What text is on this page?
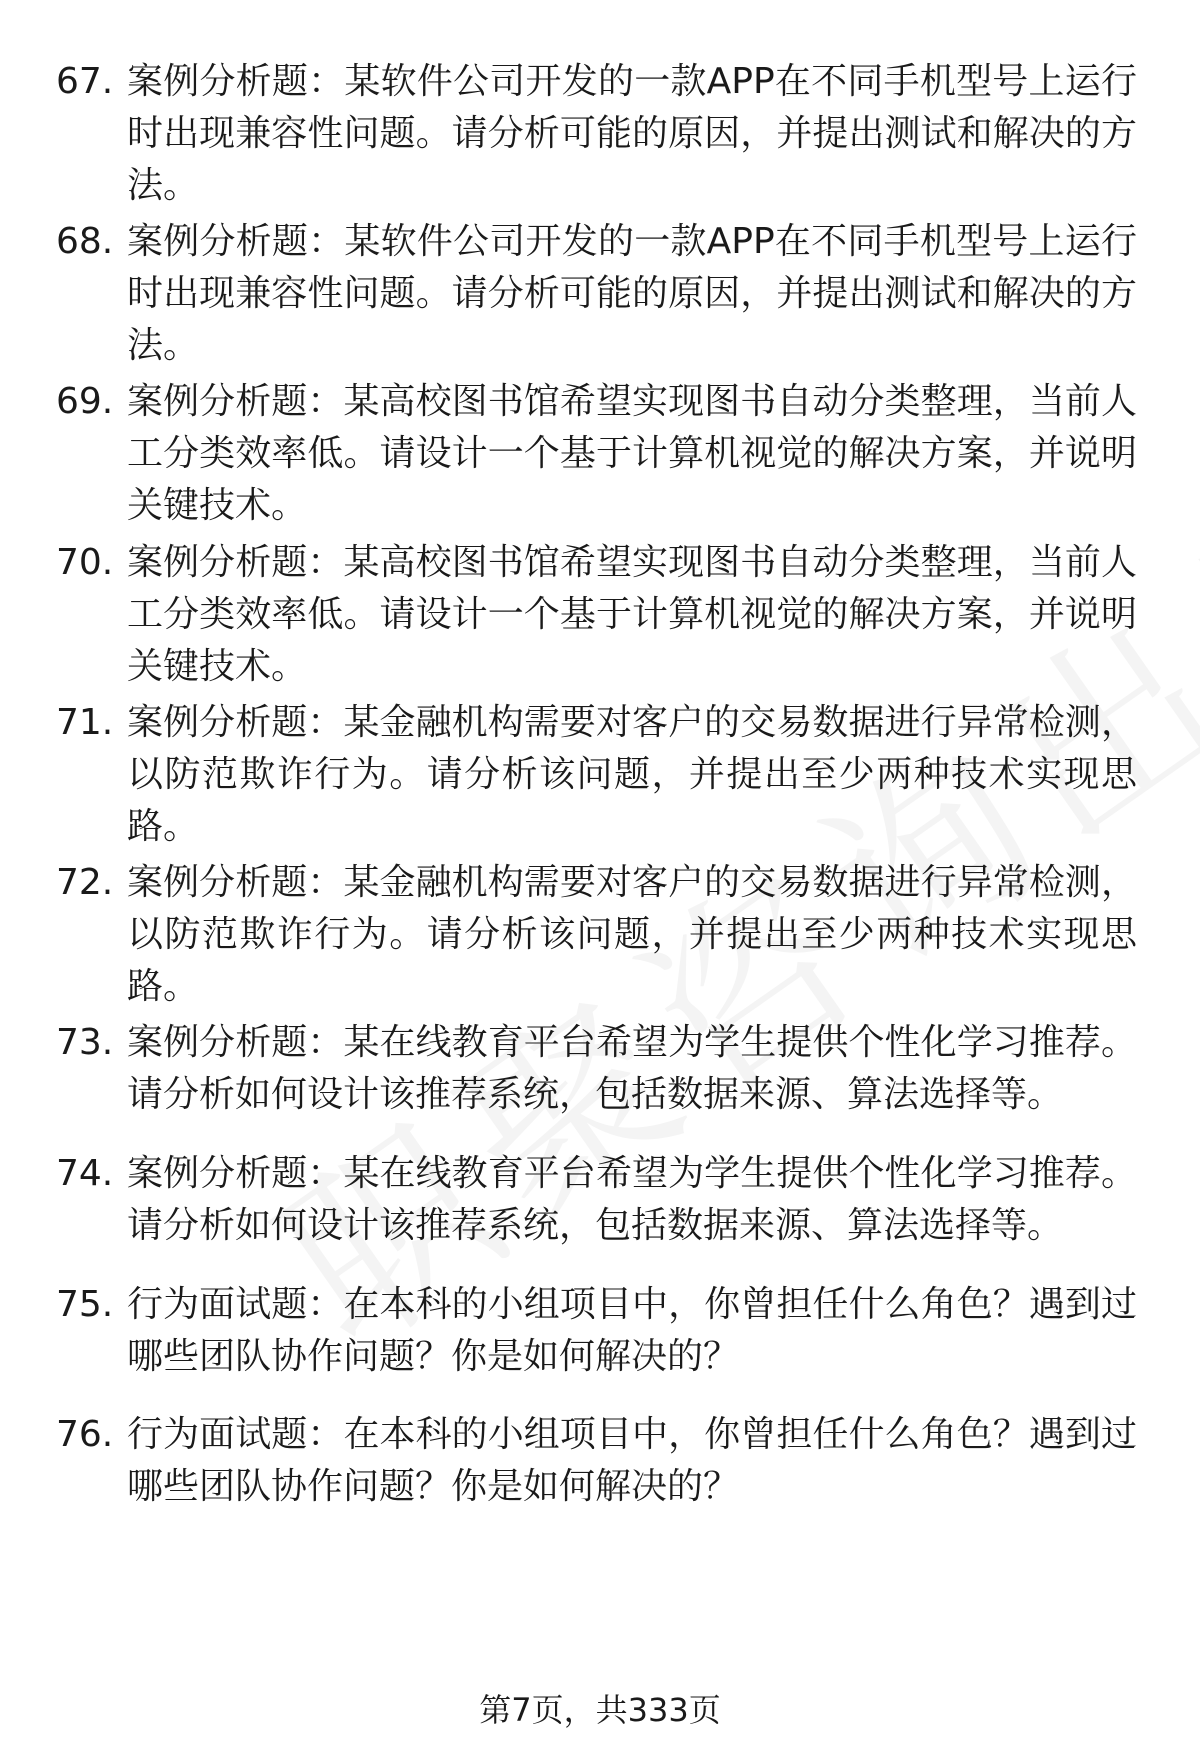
67. 案例分析题：某软件公司开发的一款APP在不同手机型号上运行时出现兼容性问题。请分析可能的原因，并提出测试和解决的方法。
68. 案例分析题：某软件公司开发的一款APP在不同手机型号上运行时出现兼容性问题。请分析可能的原因，并提出测试和解决的方法。
69. 案例分析题：某高校图书馆希望实现图书自动分类整理，当前人工分类效率低。请设计一个基于计算机视觉的解决方案，并说明关键技术。
70. 案例分析题：某高校图书馆希望实现图书自动分类整理，当前人工分类效率低。请设计一个基于计算机视觉的解决方案，并说明关键技术。
71. 案例分析题：某金融机构需要对客户的交易数据进行异常检测，以防范欺诈行为。请分析该问题，并提出至少两种技术实现思路。
72. 案例分析题：某金融机构需要对客户的交易数据进行异常检测，以防范欺诈行为。请分析该问题，并提出至少两种技术实现思路。
73. 案例分析题：某在线教育平台希望为学生提供个性化学习推荐。请分析如何设计该推荐系统，包括数据来源、算法选择等。
74. 案例分析题：某在线教育平台希望为学生提供个性化学习推荐。请分析如何设计该推荐系统，包括数据来源、算法选择等。
75. 行为面试题：在本科的小组项目中，你曾担任什么角色？遇到过哪些团队协作问题？你是如何解决的？
76. 行为面试题：在本科的小组项目中，你曾担任什么角色？遇到过哪些团队协作问题？你是如何解决的？
第7页，共333页
